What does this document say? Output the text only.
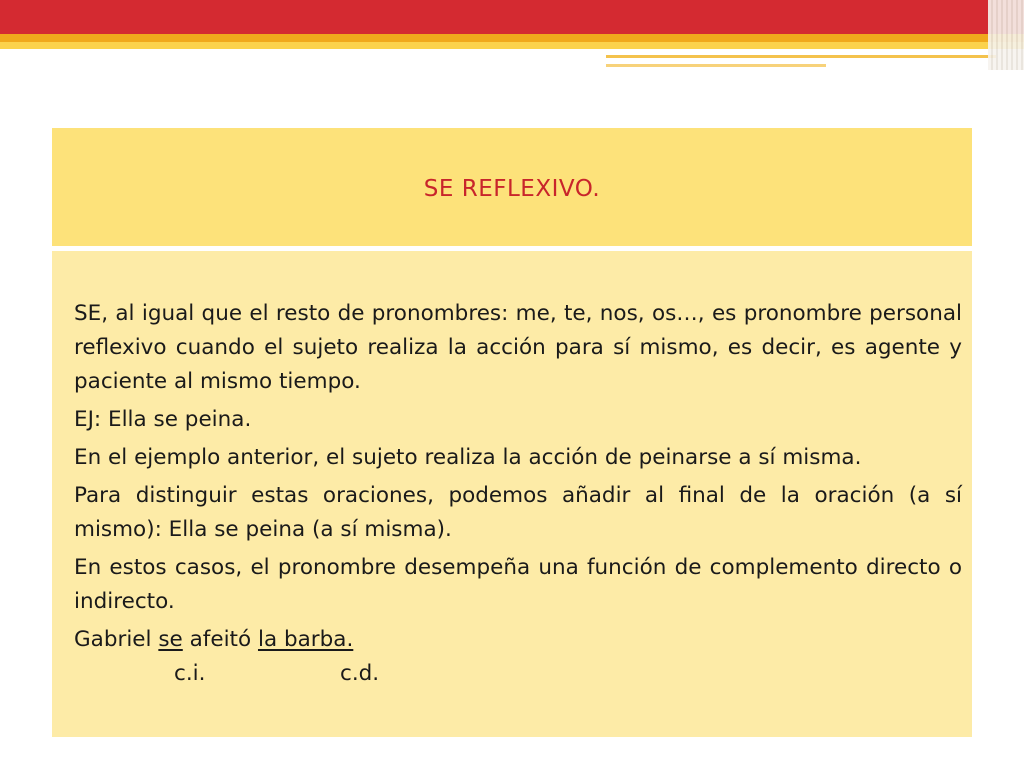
SE REFLEXIVO.

SE, al igual que el resto de pronombres: me, te, nos, os…, es pronombre personal reflexivo cuando el sujeto realiza la acción para sí mismo, es decir, es agente y paciente al mismo tiempo.

EJ: Ella se peina.

En el ejemplo anterior, el sujeto realiza la acción de peinarse a sí misma.

Para distinguir estas oraciones, podemos añadir al final de la oración (a sí mismo): Ella se peina (a sí misma).

En estos casos, el pronombre desempeña una función de complemento directo o indirecto.

Gabriel se afeitó la barba.

c.i.	c.d.
